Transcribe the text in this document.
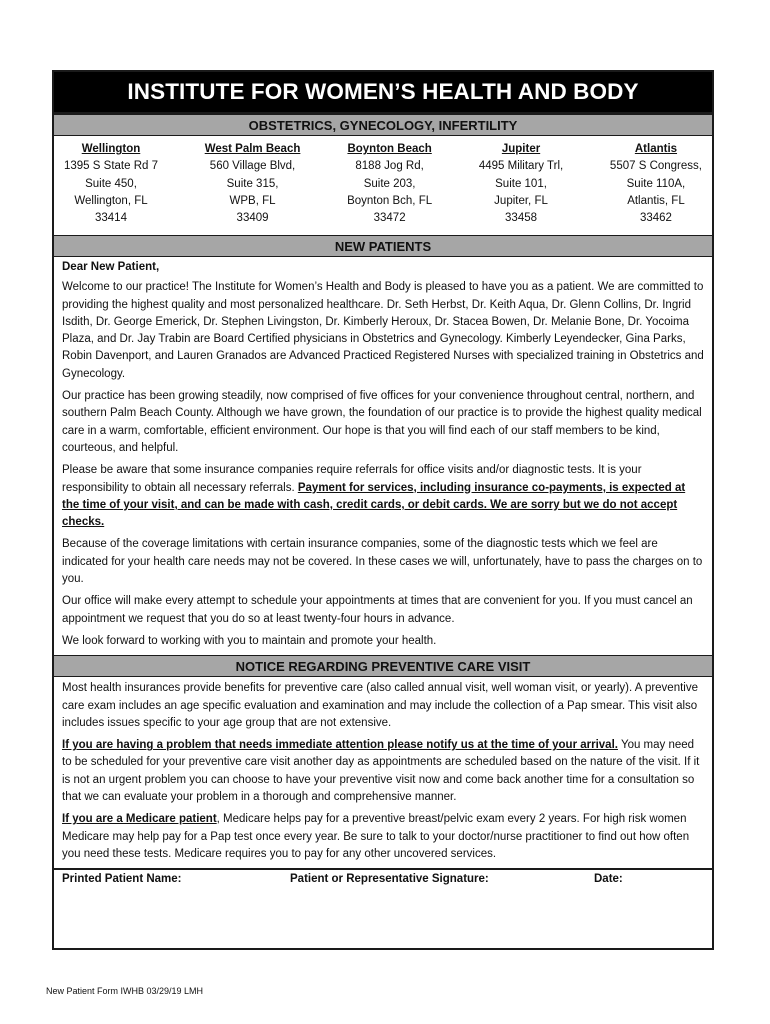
INSTITUTE FOR WOMEN’S HEALTH AND BODY
OBSTETRICS, GYNECOLOGY, INFERTILITY
Wellington
1395 S State Rd 7
Suite 450,
Wellington, FL
33414
West Palm Beach
560 Village Blvd,
Suite 315,
WPB, FL
33409
Boynton Beach
8188 Jog Rd,
Suite 203,
Boynton Bch, FL
33472
Jupiter
4495 Military Trl,
Suite 101,
Jupiter, FL
33458
Atlantis
5507 S Congress,
Suite 110A,
Atlantis, FL
33462
NEW PATIENTS

Dear New Patient,

Welcome to our practice! The Institute for Women’s Health and Body is pleased to have you as a patient. We are committed to providing the highest quality and most personalized healthcare. Dr. Seth Herbst, Dr. Keith Aqua, Dr. Glenn Collins, Dr. Ingrid Isdith, Dr. George Emerick, Dr. Stephen Livingston, Dr. Kimberly Heroux, Dr. Stacea Bowen, Dr. Melanie Bone, Dr. Yocoima Plaza, and Dr. Jay Trabin are Board Certified physicians in Obstetrics and Gynecology. Kimberly Leyendecker, Gina Parks, Robin Davenport, and Lauren Granados are Advanced Practiced Registered Nurses with specialized training in Obstetrics and Gynecology.

Our practice has been growing steadily, now comprised of five offices for your convenience throughout central, northern, and southern Palm Beach County. Although we have grown, the foundation of our practice is to provide the highest quality medical care in a warm, comfortable, efficient environment. Our hope is that you will find each of our staff members to be kind, courteous, and helpful.

Please be aware that some insurance companies require referrals for office visits and/or diagnostic tests. It is your responsibility to obtain all necessary referrals. Payment for services, including insurance co-payments, is expected at the time of your visit, and can be made with cash, credit cards, or debit cards. We are sorry but we do not accept checks.

Because of the coverage limitations with certain insurance companies, some of the diagnostic tests which we feel are indicated for your health care needs may not be covered. In these cases we will, unfortunately, have to pass the charges on to you.

Our office will make every attempt to schedule your appointments at times that are convenient for you. If you must cancel an appointment we request that you do so at least twenty-four hours in advance.

We look forward to working with you to maintain and promote your health.

NOTICE REGARDING PREVENTIVE CARE VISIT

Most health insurances provide benefits for preventive care (also called annual visit, well woman visit, or yearly). A preventive care exam includes an age specific evaluation and examination and may include the collection of a Pap smear. This visit also includes issues specific to your age group that are not extensive.

If you are having a problem that needs immediate attention please notify us at the time of your arrival. You may need to be scheduled for your preventive care visit another day as appointments are scheduled based on the nature of the visit. If it is not an urgent problem you can choose to have your preventive visit now and come back another time for a consultation so that we can evaluate your problem in a thorough and comprehensive manner.

If you are a Medicare patient, Medicare helps pay for a preventive breast/pelvic exam every 2 years. For high risk women Medicare may help pay for a Pap test once every year. Be sure to talk to your doctor/nurse practitioner to find out how often you need these tests. Medicare requires you to pay for any other uncovered services.

Printed Patient Name:	Patient or Representative Signature:	Date:
New Patient Form IWHB 03/29/19 LMH
